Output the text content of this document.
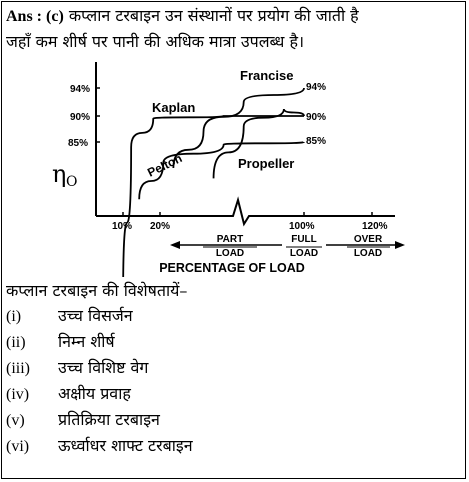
Ans : (c) कप्लान टरबाइन उन संस्थानों पर प्रयोग की जाती है
जहाँ कम शीर्ष पर पानी की अधिक मात्रा उपलब्ध है।
94%
90%
85%
η O
Francise
Kaplan
Pelton	Propeller
94%
90%
85%
10% 20%	100%	120%
PART
LOAD
FULL
LOAD
OVER
LOAD
PERCENTAGE OF LOAD
कप्लान टरबाइन की विशेषतायें–
(i) उच्च विसर्जन
(ii) निम्न शीर्ष
(iii) उच्च विशिष्ट वेग
(iv) अक्षीय प्रवाह
(v) प्रतिक्रिया टरबाइन
(vi) ऊर्ध्वाधर शाफ्ट टरबाइन
